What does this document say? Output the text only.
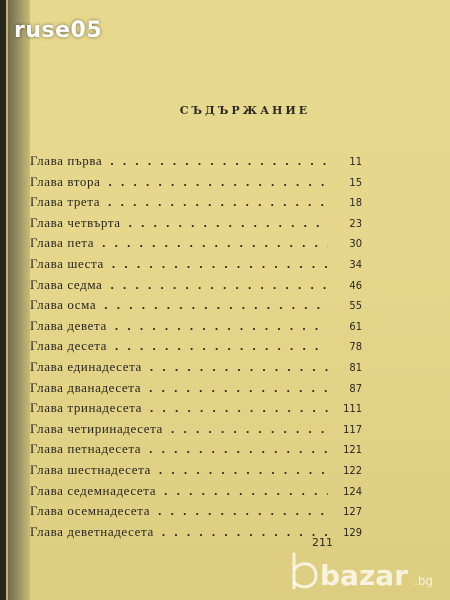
ruse05
СЪДЪРЖАНИЕ
Глава първа . . .	11
Глава втора . . .	15
Глава трета . . .	18
Глава четвърта . . .	23
Глава пета . . .	30
Глава шеста . . .	34
Глава седма . . .	46
Глава осма . . .	55
Глава девета . . .	61
Глава десета . . .	78
Глава единадесета . . .	81
Глава дванадесета . . .	87
Глава тринадесета . . .	111
Глава четиринадесета . . .	117
Глава петнадесета . . .	121
Глава шестнадесета . . .	122
Глава седемнадесета . . .	124
Глава осемнадесета . . .	127
Глава деветнадесета . . .	129
211
bazar .bg
